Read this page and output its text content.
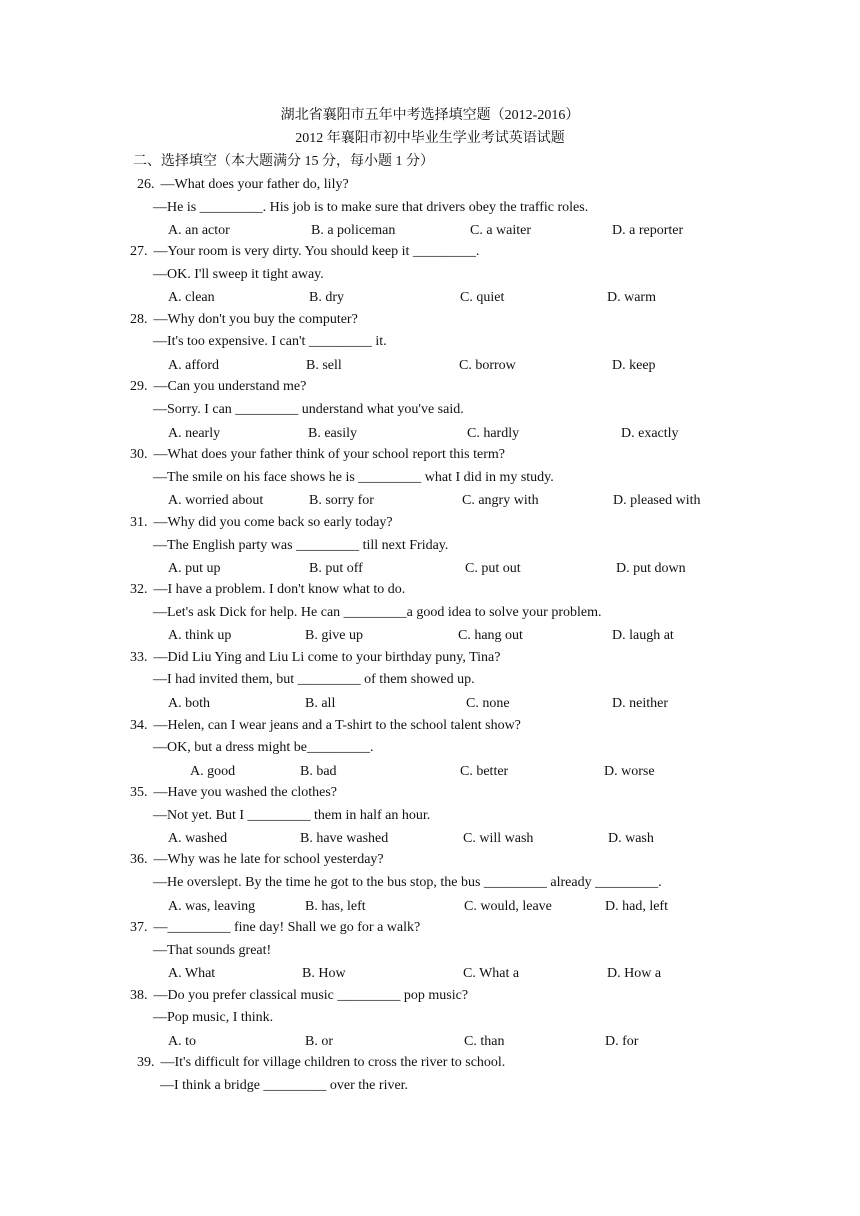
湖北省襄阳市五年中考选择填空题（2012-2016）
2012 年襄阳市初中毕业生学业考试英语试题
二、选择填空（本大题满分 15 分，每小题 1 分）
26. —What does your father do, lily?
—He is _________. His job is to make sure that drivers obey the traffic roles.
A. an actor	B. a policeman	C. a waiter	D. a reporter
27. —Your room is very dirty. You should keep it _________.
—OK. I'll sweep it tight away.
A. clean	B. dry	C. quiet	D. warm
28. —Why don't you buy the computer?
—It's too expensive. I can't _________ it.
A. afford	B. sell	C. borrow	D. keep
29. —Can you understand me?
—Sorry. I can _________ understand what you've said.
A. nearly	B. easily	C. hardly	D. exactly
30. —What does your father think of your school report this term?
—The smile on his face shows he is _________ what I did in my study.
A. worried about	B. sorry for	C. angry with	D. pleased with
31. —Why did you come back so early today?
—The English party was _________ till next Friday.
A. put up	B. put off	C. put out	D. put down
32. —I have a problem. I don't know what to do.
—Let's ask Dick for help. He can _________a good idea to solve your problem.
A. think up	B. give up	C. hang out	D. laugh at
33. —Did Liu Ying and Liu Li come to your birthday puny, Tina?
—I had invited them, but _________ of them showed up.
A. both	B. all	C. none	D. neither
34. —Helen, can I wear jeans and a T-shirt to the school talent show?
—OK, but a dress might be_________.
A. good	B. bad	C. better	D. worse
35. —Have you washed the clothes?
—Not yet. But I _________ them in half an hour.
A. washed	B. have washed	C. will wash	D. wash
36. —Why was he late for school yesterday?
—He overslept. By the time he got to the bus stop, the bus _________ already _________.
A. was, leaving	B. has, left	C. would, leave	D. had, left
37. —_________ fine day! Shall we go for a walk?
—That sounds great!
A. What	B. How	C. What a	D. How a
38. —Do you prefer classical music _________ pop music?
—Pop music, I think.
A. to	B. or	C. than	D. for
39. —It's difficult for village children to cross the river to school.
—I think a bridge _________ over the river.
